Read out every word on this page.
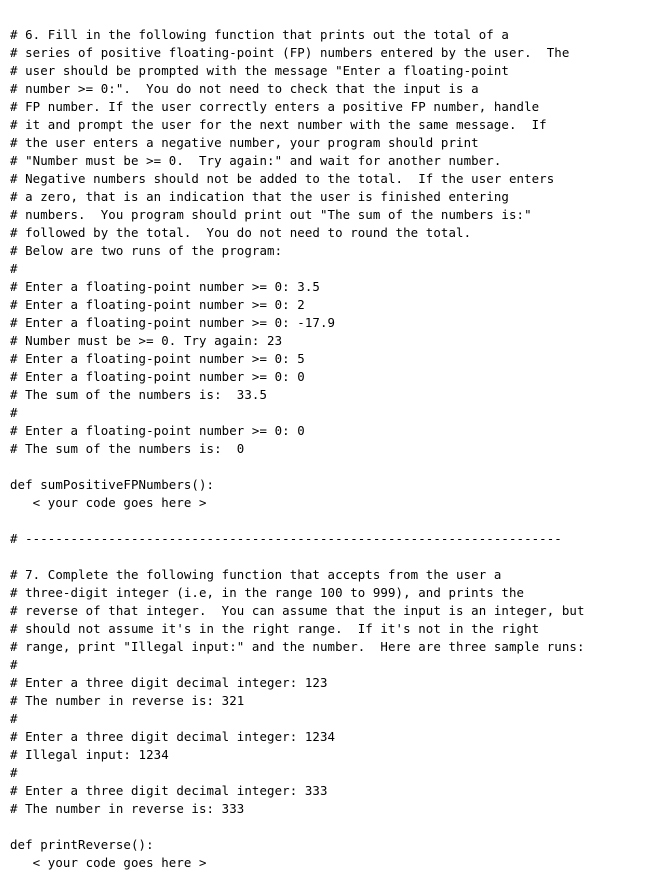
# 6. Fill in the following function that prints out the total of a
# series of positive floating-point (FP) numbers entered by the user.  The
# user should be prompted with the message "Enter a floating-point
# number >= 0:".  You do not need to check that the input is a
# FP number. If the user correctly enters a positive FP number, handle
# it and prompt the user for the next number with the same message.  If
# the user enters a negative number, your program should print
# "Number must be >= 0.  Try again:" and wait for another number.
# Negative numbers should not be added to the total.  If the user enters
# a zero, that is an indication that the user is finished entering
# numbers.  You program should print out "The sum of the numbers is:"
# followed by the total.  You do not need to round the total.
# Below are two runs of the program:
#
# Enter a floating-point number >= 0: 3.5
# Enter a floating-point number >= 0: 2
# Enter a floating-point number >= 0: -17.9
# Number must be >= 0. Try again: 23
# Enter a floating-point number >= 0: 5
# Enter a floating-point number >= 0: 0
# The sum of the numbers is:  33.5
#
# Enter a floating-point number >= 0: 0
# The sum of the numbers is:  0
def sumPositiveFPNumbers():
< your code goes here >
# -----------------------------------------------------------------------
# 7. Complete the following function that accepts from the user a
# three-digit integer (i.e, in the range 100 to 999), and prints the
# reverse of that integer.  You can assume that the input is an integer, but
# should not assume it's in the right range.  If it's not in the right
# range, print "Illegal input:" and the number.  Here are three sample runs:
#
# Enter a three digit decimal integer: 123
# The number in reverse is: 321
#
# Enter a three digit decimal integer: 1234
# Illegal input: 1234
#
# Enter a three digit decimal integer: 333
# The number in reverse is: 333
def printReverse():
< your code goes here >
